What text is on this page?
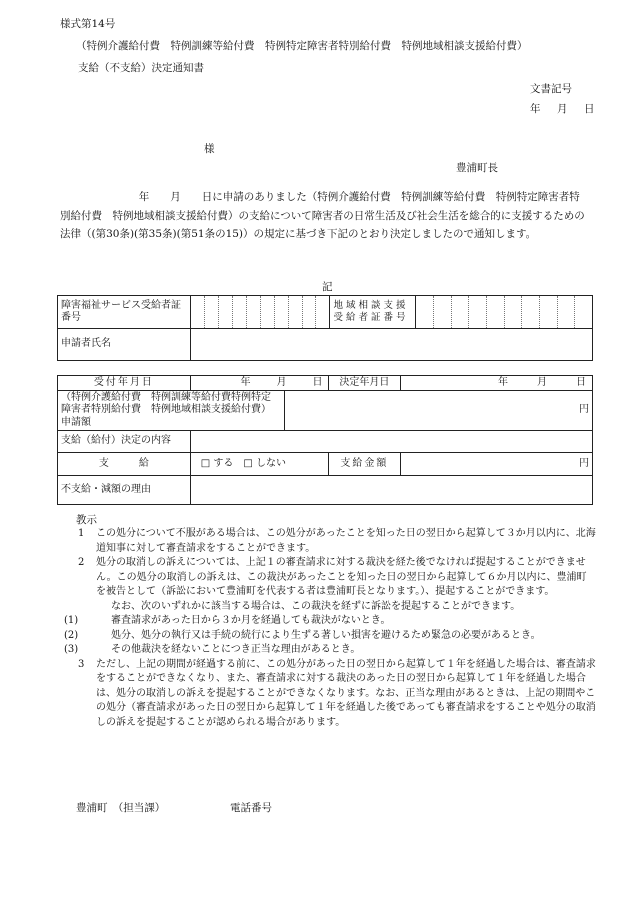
様式第14号
（特例介護給付費　特例訓練等給付費　特例特定障害者特別給付費　特例地域相談支援給付費）
支給（不支給）決定通知書
文書記号
年　月　日
様
豊浦町長

年　　月　　日に申請のありました（特例介護給付費　特例訓練等給付費　特例特定障害者特別給付費　特例地域相談支援給付費）の支給について障害者の日常生活及び社会生活を総合的に支援するための法律（(第30条)(第35条)(第51条の15)）の規定に基づき下記のとおり決定しましたので通知します。

記
障害福祉サービス受給者証番号		地域相談支援受給者証番号	

申請者氏名			
受付年月日	年　　月　　日		決定年月日	年　　月　　日
（特例介護給付費　特例訓練等給付費特例特定障害者特別給付費　特例地域相談支援給付費）申請額		円		
支給（給付）決定の内容				
支　　　給	□ する　□ しない		支給金額	円
不支給・減額の理由				
教示
1 この処分について不服がある場合は、この処分があったことを知った日の翌日から起算して３か月以内に、北海道知事に対して審査請求をすることができます。
2 処分の取消しの訴えについては、上記１の審査請求に対する裁決を経た後でなければ提起することができません。この処分の取消しの訴えは、この裁決があったことを知った日の翌日から起算して６か月以内に、豊浦町を被告として（訴訟において豊浦町を代表する者は豊浦町長となります。）、提起することができます。
なお、次のいずれかに該当する場合は、この裁決を経ずに訴訟を提起することができます。
(1)	審査請求があった日から３か月を経過しても裁決がないとき。
(2)	処分、処分の執行又は手続の続行により生ずる著しい損害を避けるため緊急の必要があるとき。
(3)	その他裁決を経ないことにつき正当な理由があるとき。
3 ただし、上記の期間が経過する前に、この処分があった日の翌日から起算して１年を経過した場合は、審査請求をすることができなくなり、また、審査請求に対する裁決のあった日の翌日から起算して１年を経過した場合は、処分の取消しの訴えを提起することができなくなります。なお、正当な理由があるときは、上記の期間やこの処分（審査請求があった日の翌日から起算して１年を経過した後であっても審査請求をすることや処分の取消しの訴えを提起することが認められる場合があります。
豊浦町　（担当課）	電話番号
